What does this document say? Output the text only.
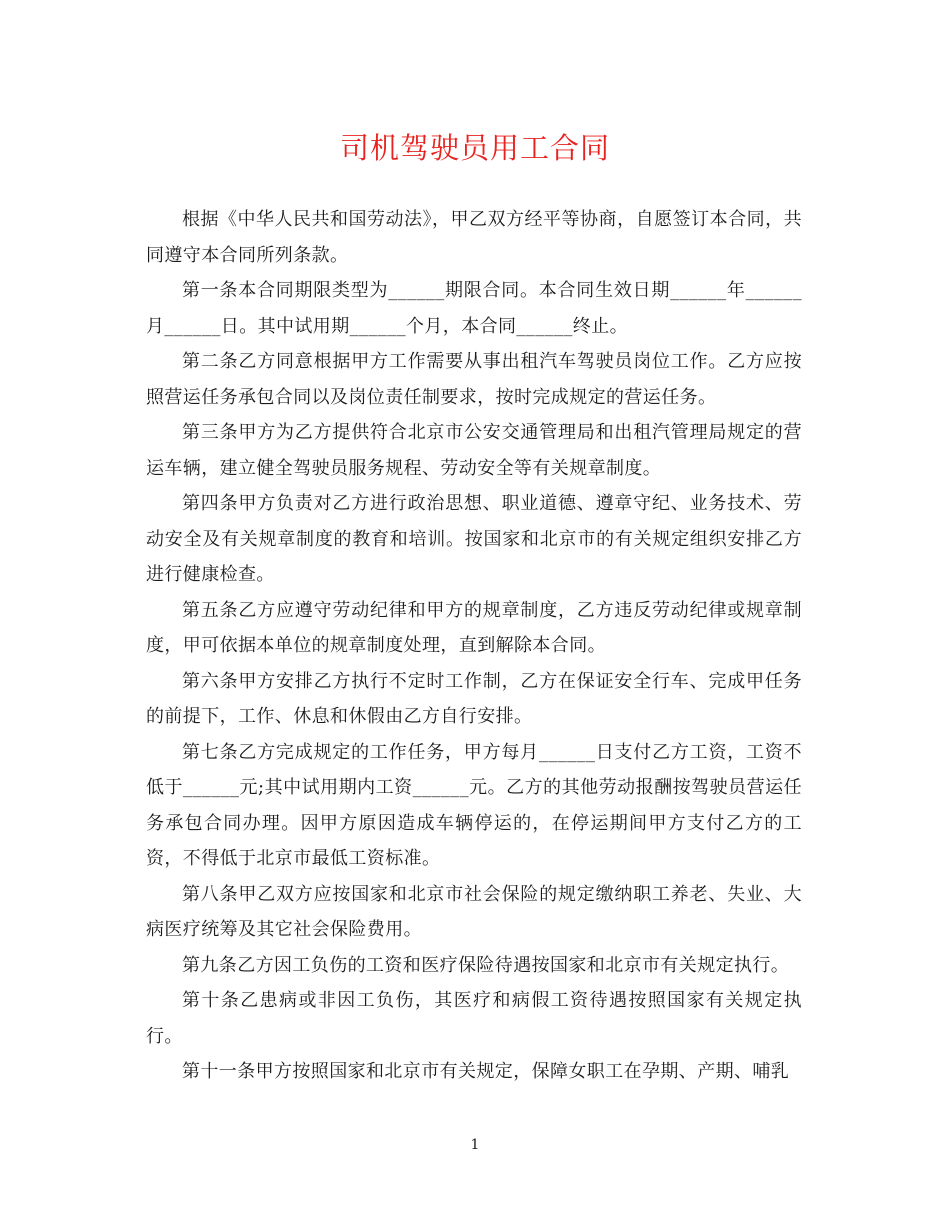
司机驾驶员用工合同

根据《中华人民共和国劳动法》，甲乙双方经平等协商，自愿签订本合同，共同遵守本合同所列条款。

第一条本合同期限类型为______期限合同。本合同生效日期______年______月______日。其中试用期______个月，本合同______终止。

第二条乙方同意根据甲方工作需要从事出租汽车驾驶员岗位工作。乙方应按照营运任务承包合同以及岗位责任制要求，按时完成规定的营运任务。

第三条甲方为乙方提供符合北京市公安交通管理局和出租汽管理局规定的营运车辆，建立健全驾驶员服务规程、劳动安全等有关规章制度。

第四条甲方负责对乙方进行政治思想、职业道德、遵章守纪、业务技术、劳动安全及有关规章制度的教育和培训。按国家和北京市的有关规定组织安排乙方进行健康检查。

第五条乙方应遵守劳动纪律和甲方的规章制度，乙方违反劳动纪律或规章制度，甲可依据本单位的规章制度处理，直到解除本合同。

第六条甲方安排乙方执行不定时工作制，乙方在保证安全行车、完成甲任务的前提下，工作、休息和休假由乙方自行安排。

第七条乙方完成规定的工作任务，甲方每月______日支付乙方工资，工资不低于______元;其中试用期内工资______元。乙方的其他劳动报酬按驾驶员营运任务承包合同办理。因甲方原因造成车辆停运的，在停运期间甲方支付乙方的工资，不得低于北京市最低工资标准。

第八条甲乙双方应按国家和北京市社会保险的规定缴纳职工养老、失业、大病医疗统筹及其它社会保险费用。

第九条乙方因工负伤的工资和医疗保险待遇按国家和北京市有关规定执行。

第十条乙患病或非因工负伤，其医疗和病假工资待遇按照国家有关规定执行。

第十一条甲方按照国家和北京市有关规定，保障女职工在孕期、产期、哺乳

1
